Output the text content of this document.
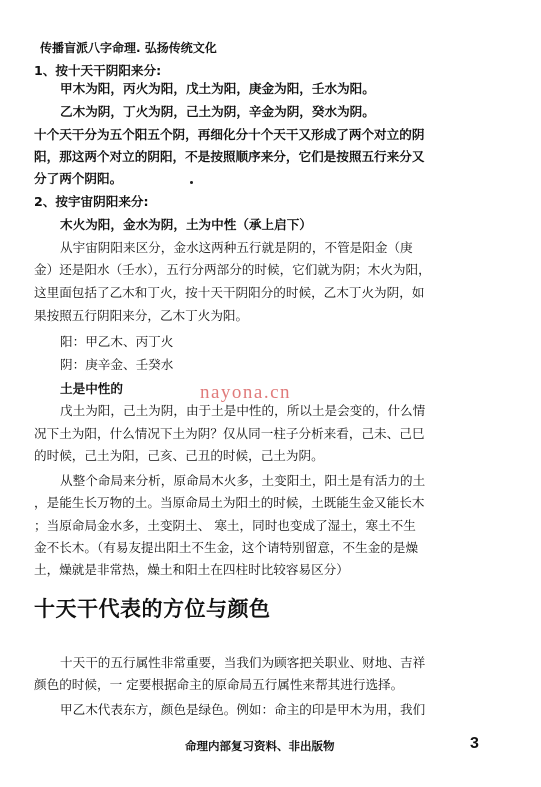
传播盲派八字命理. 弘扬传统文化
1、按十天干阴阳来分:
甲木为阳，丙火为阳，戊土为阳，庚金为阳，壬水为阳。
乙木为阴，丁火为阴，己土为阴，辛金为阴，癸水为阴。
十个天干分为五个阳五个阴，再细化分十个天干又形成了两个对立的阴
阳，那这两个对立的阴阳，不是按照顺序来分，它们是按照五行来分又
分了两个阴阳。
2、按宇宙阴阳来分:
木火为阳，金水为阴，土为中性（承上启下）
从宇宙阴阳来区分，金水这两种五行就是阴的，不管是阳金（庚
金）还是阳水（壬水），五行分两部分的时候，它们就为阴；木火为阳，
这里面包括了乙木和丁火，按十天干阴阳分的时候，乙木丁火为阴，如
果按照五行阴阳来分，乙木丁火为阳。
阳：甲乙木、丙丁火
阴：庚辛金、壬癸水
土是中性的	nayona.cn
戊土为阳，己土为阴，由于土是中性的，所以土是会变的，什么情
况下土为阳，什么情况下土为阴？仅从同一柱子分析来看，己未、己巳
的时候，己土为阳，己亥、己丑的时候，己土为阴。
从整个命局来分析，原命局木火多，土变阳土，阳土是有活力的土
，是能生长万物的土。当原命局土为阳土的时候，土既能生金又能长木
；当原命局金水多，土变阴土、 寒土，同时也变成了湿土，寒土不生
金不长木。（有易友提出阳土不生金，这个请特别留意，不生金的是燥
土，燥就是非常热，燥土和阳土在四柱时比较容易区分）
十天干代表的方位与颜色
十天干的五行属性非常重要，当我们为顾客把关职业、财地、吉祥
颜色的时候，一 定要根据命主的原命局五行属性来帮其进行选择。
甲乙木代表东方，颜色是绿色。例如：命主的印是甲木为用，我们
命理内部复习资料、非出版物	3
